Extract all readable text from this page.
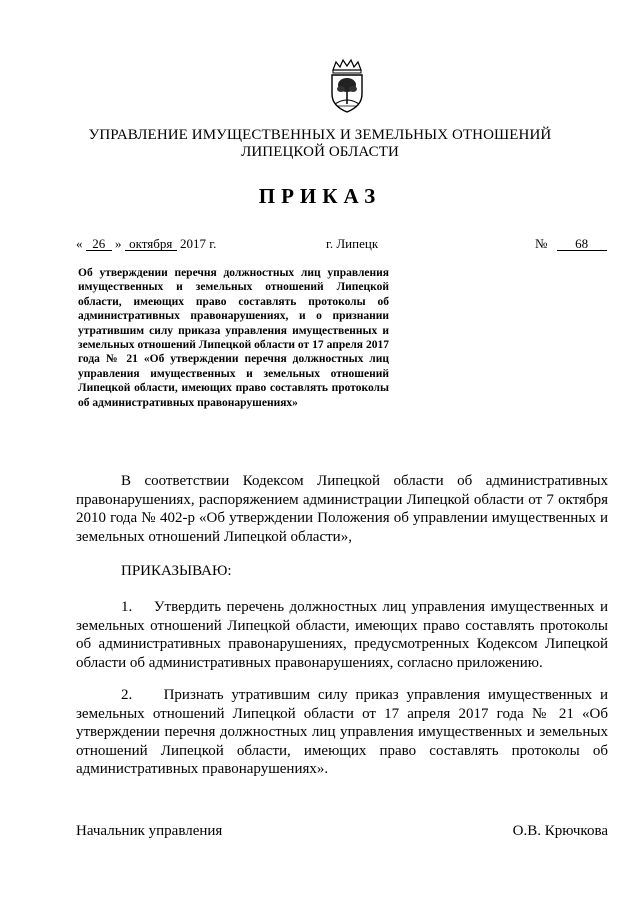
УПРАВЛЕНИЕ ИМУЩЕСТВЕННЫХ И ЗЕМЕЛЬНЫХ ОТНОШЕНИЙ
ЛИПЕЦКОЙ ОБЛАСТИ
ПРИКАЗ
« 26 » октября 2017 г.	г. Липецк	№ 68
Об утверждении перечня должностных лиц управления имущественных и земельных отношений Липецкой области, имеющих право составлять протоколы об административных правонарушениях, и о признании утратившим силу приказа управления имущественных и земельных отношений Липецкой области от 17 апреля 2017 года № 21 «Об утверждении перечня должностных лиц управления имущественных и земельных отношений Липецкой области, имеющих право составлять протоколы об административных правонарушениях»
В соответствии Кодексом Липецкой области об административных правонарушениях, распоряжением администрации Липецкой области от 7 октября 2010 года № 402-р «Об утверждении Положения об управлении имущественных и земельных отношений Липецкой области»,
ПРИКАЗЫВАЮ:
1.    Утвердить перечень должностных лиц управления имущественных и земельных отношений Липецкой области, имеющих право составлять протоколы об административных правонарушениях, предусмотренных Кодексом Липецкой области об административных правонарушениях, согласно приложению.
2.    Признать утратившим силу приказ управления имущественных и земельных отношений Липецкой области от 17 апреля 2017 года № 21 «Об утверждении перечня должностных лиц управления имущественных и земельных отношений Липецкой области, имеющих право составлять протоколы об административных правонарушениях».
Начальник управления	О.В. Крючкова
